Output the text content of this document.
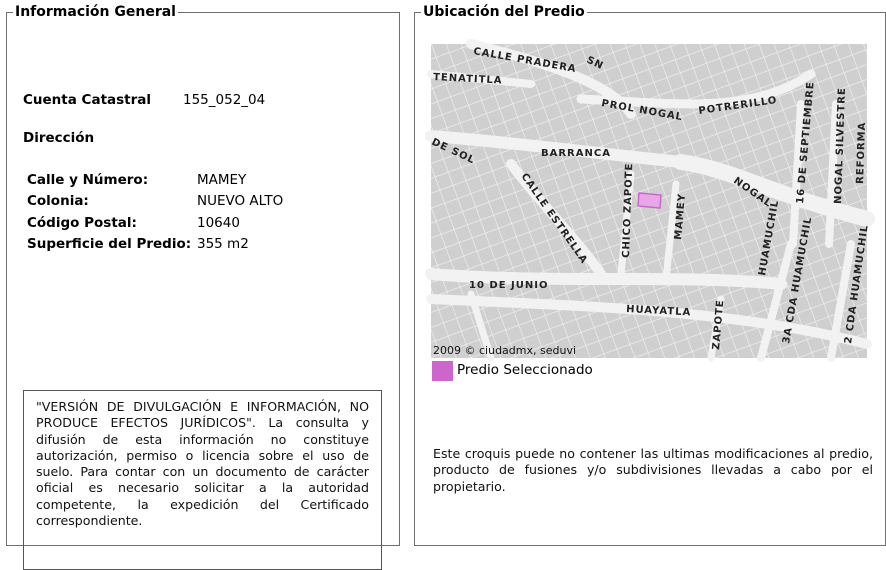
Información General
Cuenta Catastral 155_052_04
Dirección
Calle y Número:	MAMEY
Colonia:	NUEVO ALTO
Código Postal:	10640
Superficie del Predio: 355 m2
"VERSIÓN DE DIVULGACIÓN E INFORMACIÓN, NO PRODUCE EFECTOS JURÍDICOS". La consulta y difusión de esta información no constituye autorización, permiso o licencia sobre el uso de suelo. Para contar con un documento de carácter oficial es necesario solicitar a la autoridad competente, la expedición del Certificado correspondiente.
Ubicación del Predio
CALLE PRADERA SN
TENATITLA
PROL NOGAL POTRERILLO
DE SOL	BARRANCA
CALLE ESTRELLA	CHICO ZAPOTE	MAMEY
NOGAL 16 DE SEPTIEMBRE NOGAL SILVESTRE REFORMA
HUAMUCHIL 3A CDA HUAMUCHIL	2 CDA HUAMUCHIL
10 DE JUNIO
HUAYATLA ZAPOTE
2009 © ciudadmx, seduvi
Predio Seleccionado
Este croquis puede no contener las ultimas modificaciones al predio, producto de fusiones y/o subdivisiones llevadas a cabo por el propietario.
